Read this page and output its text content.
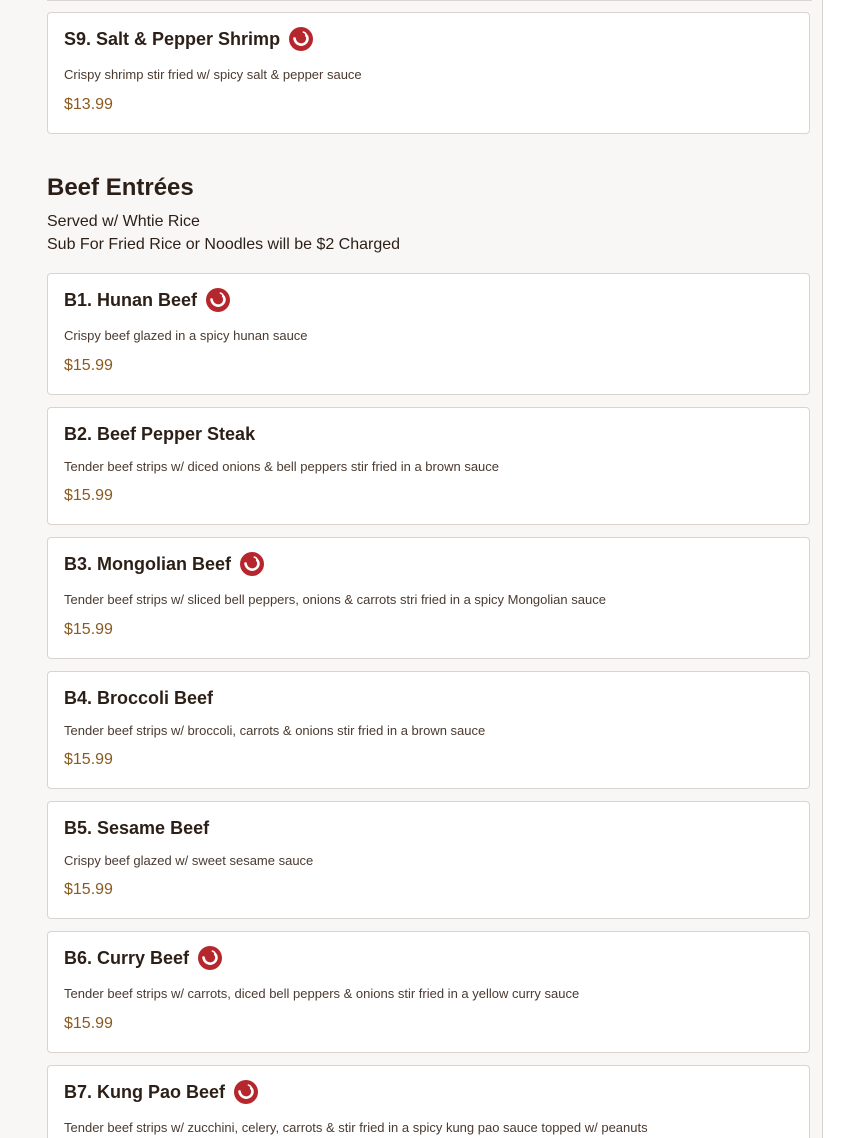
S9. Salt & Pepper Shrimp
Crispy shrimp stir fried w/ spicy salt & pepper sauce
$13.99
Beef Entrées
Served w/ Whtie Rice
Sub For Fried Rice or Noodles will be $2 Charged
B1. Hunan Beef
Crispy beef glazed in a spicy hunan sauce
$15.99
B2. Beef Pepper Steak
Tender beef strips w/ diced onions & bell peppers stir fried in a brown sauce
$15.99
B3. Mongolian Beef
Tender beef strips w/ sliced bell peppers, onions & carrots stri fried in a spicy Mongolian sauce
$15.99
B4. Broccoli Beef
Tender beef strips w/ broccoli, carrots & onions stir fried in a brown sauce
$15.99
B5. Sesame Beef
Crispy beef glazed w/ sweet sesame sauce
$15.99
B6. Curry Beef
Tender beef strips w/ carrots, diced bell peppers & onions stir fried in a yellow curry sauce
$15.99
B7. Kung Pao Beef
Tender beef strips w/ zucchini, celery, carrots & stir fried in a spicy kung pao sauce topped w/ peanuts
